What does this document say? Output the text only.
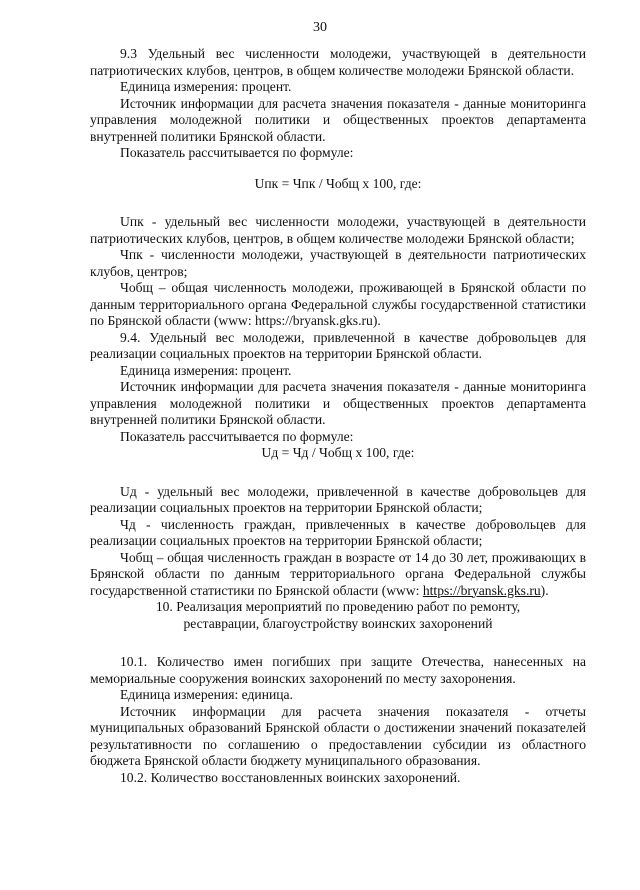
30

9.3 Удельный вес численности молодежи, участвующей в деятельности патриотических клубов, центров, в общем количестве молодежи Брянской области.

Единица измерения: процент.

Источник информации для расчета значения показателя - данные мониторинга управления молодежной политики и общественных проектов департамента внутренней политики Брянской области.

Показатель рассчитывается по формуле:

Uпк = Чпк / Чобщ x 100, где:

Uпк - удельный вес численности молодежи, участвующей в деятельности патриотических клубов, центров, в общем количестве молодежи Брянской области;

Чпк - численности молодежи, участвующей в деятельности патриотических клубов, центров;

Чобщ – общая численность молодежи, проживающей в Брянской области по данным территориального органа Федеральной службы государственной статистики по Брянской области (www: https://bryansk.gks.ru).

9.4. Удельный вес молодежи, привлеченной в качестве добровольцев для реализации социальных проектов на территории Брянской области.

Единица измерения: процент.

Источник информации для расчета значения показателя - данные мониторинга управления молодежной политики и общественных проектов департамента внутренней политики Брянской области.

Показатель рассчитывается по формуле:

Uд = Чд / Чобщ x 100, где:

Uд - удельный вес молодежи, привлеченной в качестве добровольцев для реализации социальных проектов на территории Брянской области;

Чд - численность граждан, привлеченных в качестве добровольцев для реализации социальных проектов на территории Брянской области;

Чобщ – общая численность граждан в возрасте от 14 до 30 лет, проживающих в Брянской области по данным территориального органа Федеральной службы государственной статистики по Брянской области (www: https://bryansk.gks.ru).

10. Реализация мероприятий по проведению работ по ремонту,

реставрации, благоустройству воинских захоронений

10.1. Количество имен погибших при защите Отечества, нанесенных на мемориальные сооружения воинских захоронений по месту захоронения.

Единица измерения: единица.

Источник информации для расчета значения показателя - отчеты муниципальных образований Брянской области о достижении значений показателей результативности по соглашению о предоставлении субсидии из областного бюджета Брянской области бюджету муниципального образования.

10.2. Количество восстановленных воинских захоронений.
